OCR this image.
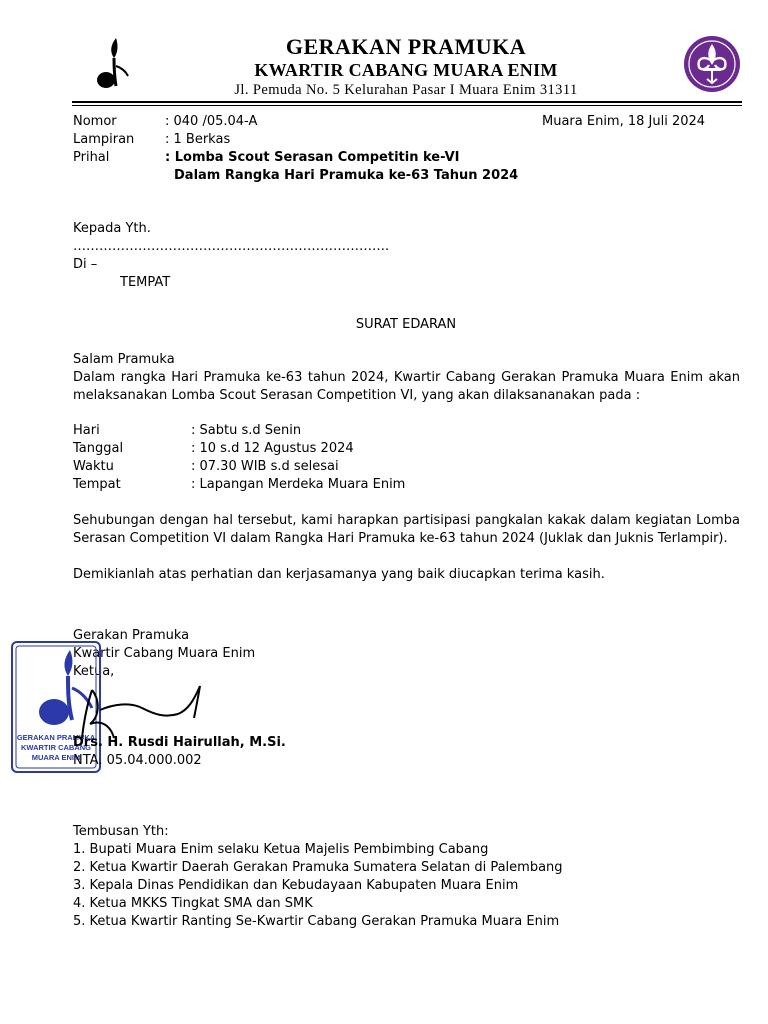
GERAKAN PRAMUKA
KWARTIR CABANG MUARA ENIM
Jl. Pemuda No. 5 Kelurahan Pasar I Muara Enim 31311
Nomor	: 040 /05.04-A	Muara Enim, 18 Juli 2024
Lampiran : 1 Berkas
Prihal	: Lomba Scout Serasan Competitin ke-VI
Dalam Rangka Hari Pramuka ke-63 Tahun 2024
Kepada Yth.
……………………………………………………………….
Di –
TEMPAT
SURAT EDARAN
Salam Pramuka
Dalam rangka Hari Pramuka ke-63 tahun 2024, Kwartir Cabang Gerakan Pramuka Muara Enim akan
melaksanakan Lomba Scout Serasan Competition VI, yang akan dilaksananakan pada :
Hari	: Sabtu s.d Senin
Tanggal	: 10 s.d 12 Agustus 2024
Waktu	: 07.30 WIB s.d selesai
Tempat	: Lapangan Merdeka Muara Enim
Sehubungan dengan hal tersebut, kami harapkan partisipasi pangkalan kakak dalam kegiatan Lomba
Serasan Competition VI dalam Rangka Hari Pramuka ke-63 tahun 2024 (Juklak dan Juknis Terlampir).
Demikianlah atas perhatian dan kerjasamanya yang baik diucapkan terima kasih.
Gerakan Pramuka
Kwartir Cabang Muara Enim
Ketua,
GERAKAN PRAMUKA
KWARTIR CABANG
MUARA ENIM
Drs. H. Rusdi Hairullah, M.Si.
NTA. 05.04.000.002
Tembusan Yth:
1. Bupati Muara Enim selaku Ketua Majelis Pembimbing Cabang
2. Ketua Kwartir Daerah Gerakan Pramuka Sumatera Selatan di Palembang
3. Kepala Dinas Pendidikan dan Kebudayaan Kabupaten Muara Enim
4. Ketua MKKS Tingkat SMA dan SMK
5. Ketua Kwartir Ranting Se-Kwartir Cabang Gerakan Pramuka Muara Enim
